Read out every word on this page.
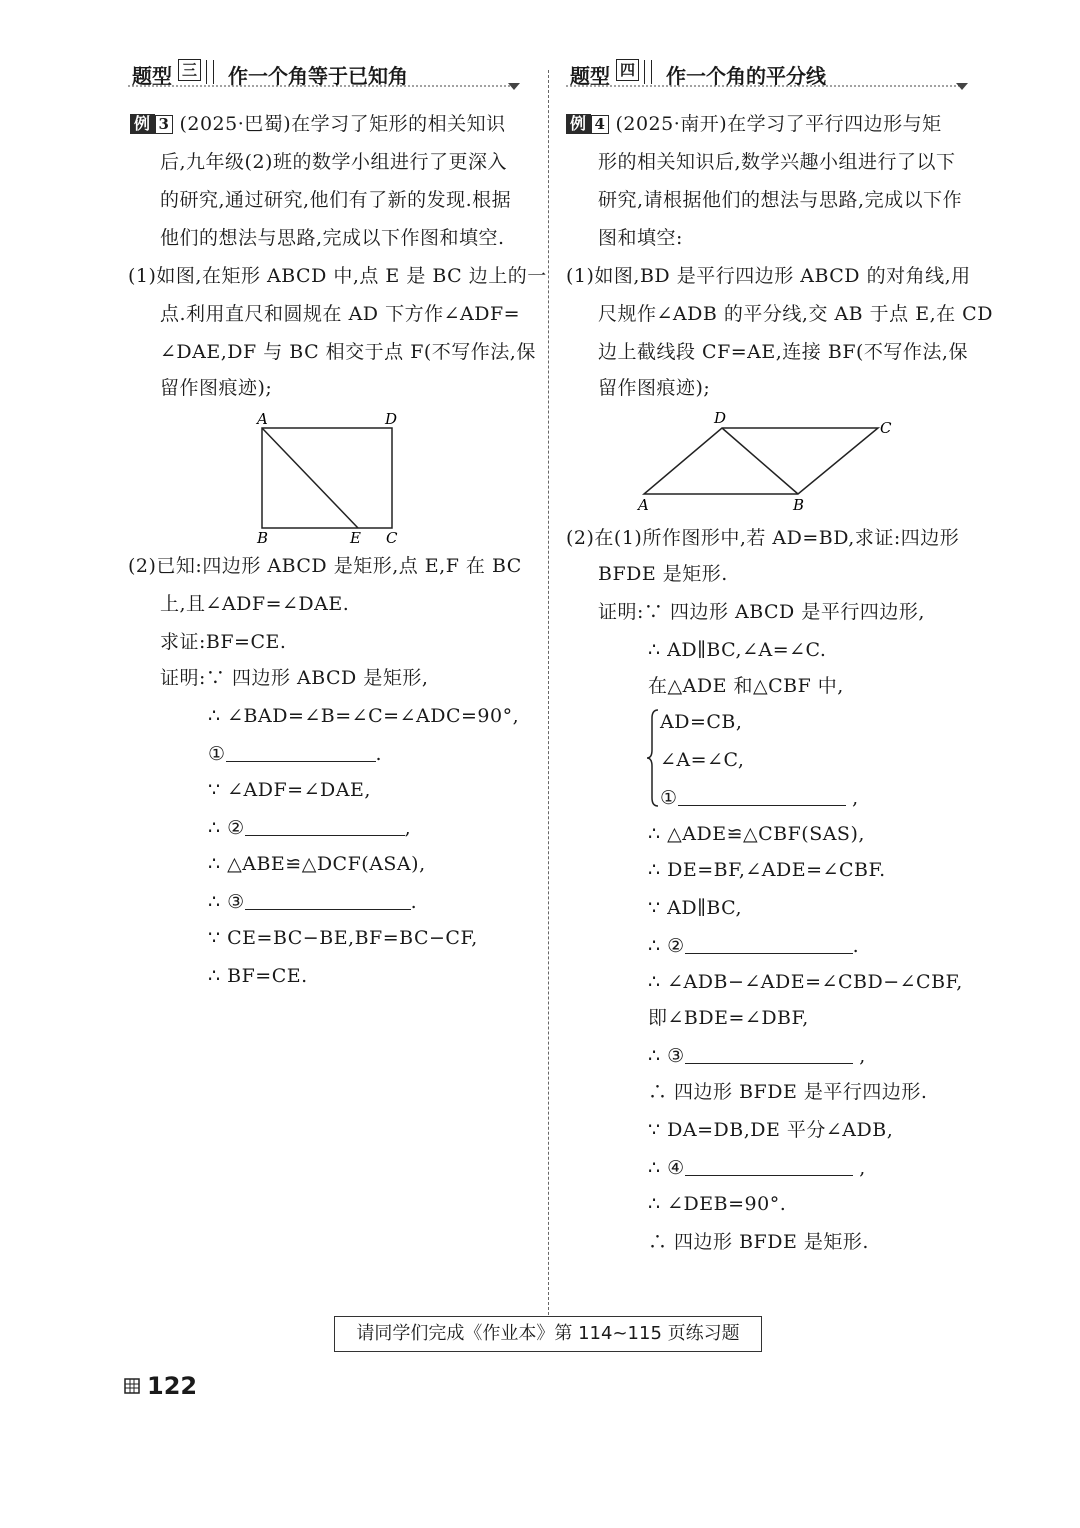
题型 三 作一个角等于已知角	题型 四 作一个角的平分线
例 3 (2025·巴蜀)在学习了矩形的相关知识
后,九年级(2)班的数学小组进行了更深入
的研究,通过研究,他们有了新的发现.根据
他们的想法与思路,完成以下作图和填空.
(1)如图,在矩形 ABCD 中,点 E 是 BC 边上的一
点.利用直尺和圆规在 AD 下方作∠ADF=
∠DAE,DF 与 BC 相交于点 F(不写作法,保
留作图痕迹);
A	D
B	E C
(2)已知:四边形 ABCD 是矩形,点 E,F 在 BC
上,且∠ADF=∠DAE.
求证:BF=CE.
证明:∵ 四边形 ABCD 是矩形,
∴ ∠BAD=∠B=∠C=∠ADC=90°,
①	.
∵ ∠ADF=∠DAE,
∴ ②	,
∴ △ABE≌△DCF(ASA),
∴ ③	.
∵ CE=BC−BE,BF=BC−CF,
∴ BF=CE.
例 4 (2025·南开)在学习了平行四边形与矩
形的相关知识后,数学兴趣小组进行了以下
研究,请根据他们的想法与思路,完成以下作
图和填空:
(1)如图,BD 是平行四边形 ABCD 的对角线,用
尺规作∠ADB 的平分线,交 AB 于点 E,在 CD
边上截线段 CF=AE,连接 BF(不写作法,保
留作图痕迹);
D
C
A	B
(2)在(1)所作图形中,若 AD=BD,求证:四边形
BFDE 是矩形.
证明:∵ 四边形 ABCD 是平行四边形,
∴ AD∥BC,∠A=∠C.
在△ADE 和△CBF 中,
AD=CB,
∠A=∠C,
①	,
∴ △ADE≌△CBF(SAS),
∴ DE=BF,∠ADE=∠CBF.
∵ AD∥BC,
∴ ②	.
∴ ∠ADB−∠ADE=∠CBD−∠CBF,
即∠BDE=∠DBF,
∴ ③	,
∴ 四边形 BFDE 是平行四边形.
∵ DA=DB,DE 平分∠ADB,
∴ ④	,
∴ ∠DEB=90°.
∴ 四边形 BFDE 是矩形.
请同学们完成《作业本》第 114~115 页练习题
122
